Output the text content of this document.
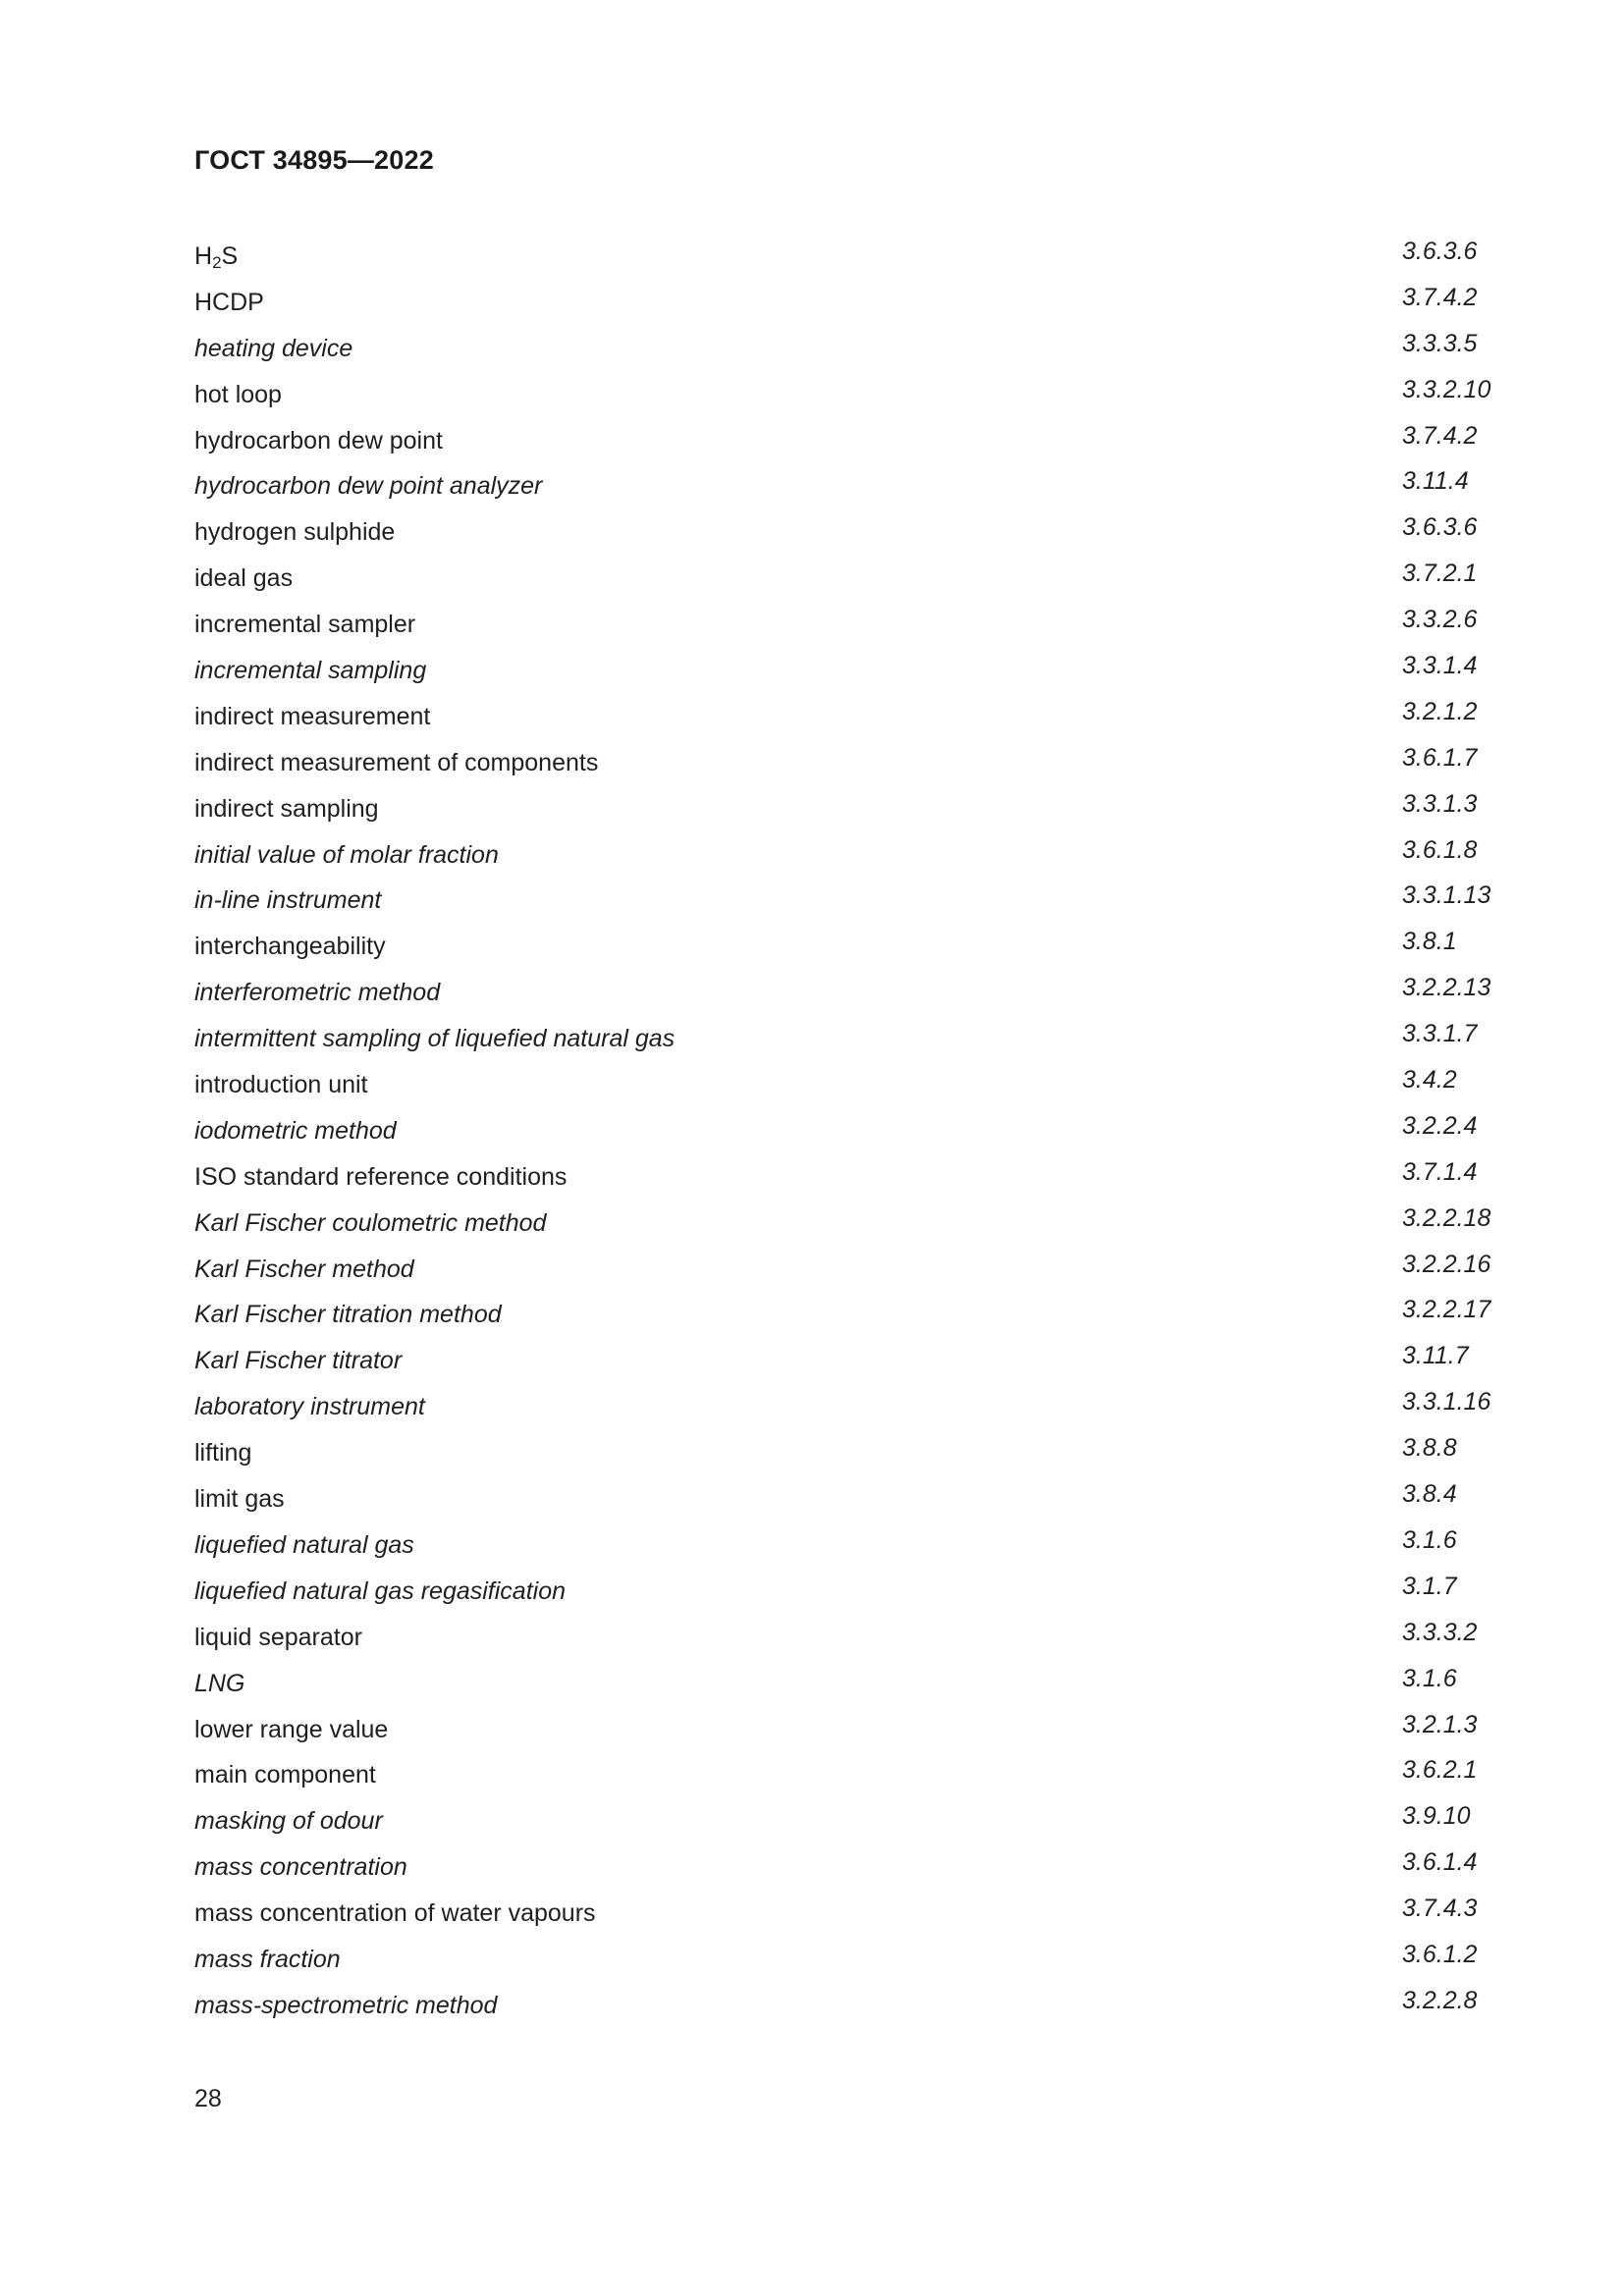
ГОСТ 34895—2022
$H_2S$	3.6.3.6
HCDP	3.7.4.2
heating device	3.3.3.5
hot loop	3.3.2.10
hydrocarbon dew point	3.7.4.2
hydrocarbon dew point analyzer	3.11.4
hydrogen sulphide	3.6.3.6
ideal gas	3.7.2.1
incremental sampler	3.3.2.6
incremental sampling	3.3.1.4
indirect measurement	3.2.1.2
indirect measurement of components	3.6.1.7
indirect sampling	3.3.1.3
initial value of molar fraction	3.6.1.8
in-line instrument	3.3.1.13
interchangeability	3.8.1
interferometric method	3.2.2.13
intermittent sampling of liquefied natural gas	3.3.1.7
introduction unit	3.4.2
iodometric method	3.2.2.4
ISO standard reference conditions	3.7.1.4
Karl Fischer coulometric method	3.2.2.18
Karl Fischer method	3.2.2.16
Karl Fischer titration method	3.2.2.17
Karl Fischer titrator	3.11.7
laboratory instrument	3.3.1.16
lifting	3.8.8
limit gas	3.8.4
liquefied natural gas	3.1.6
liquefied natural gas regasification	3.1.7
liquid separator	3.3.3.2
LNG	3.1.6
lower range value	3.2.1.3
main component	3.6.2.1
masking of odour	3.9.10
mass concentration	3.6.1.4
mass concentration of water vapours	3.7.4.3
mass fraction	3.6.1.2
mass-spectrometric method	3.2.2.8
28
